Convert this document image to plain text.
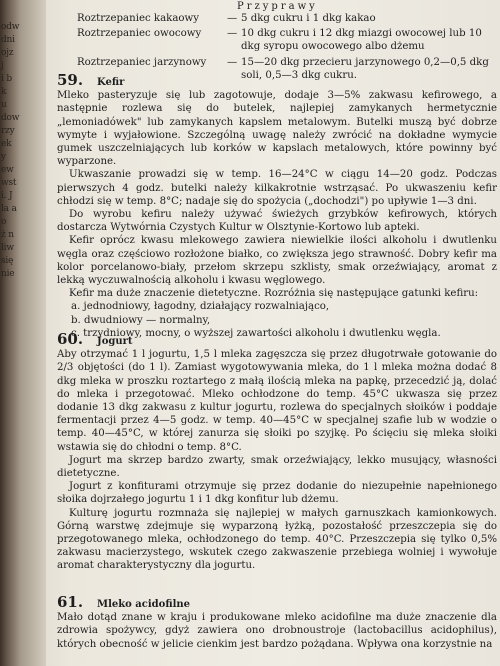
odw
dni
ojz
j
i b
k
u
dow
rzy
ek
y
ew
wst
i. J
la a
o
ż n
liw
się
nie
Przyprawy
Roztrzepaniec kakaowy	— 5 dkg cukru i 1 dkg kakao
Roztrzepaniec owocowy	— 10 dkg cukru i 12 dkg miazgi owocowej lub 10 dkg syropu owocowego albo dżemu
Roztrzepaniec jarzynowy	— 15—20 dkg przecieru jarzynowego 0,2—0,5 dkg soli, 0,5—3 dkg cukru.
59.	Kefir

Mleko pasteryzuje się lub zagotowuje, dodaje 3—5% zakwasu kefirowego, a następnie rozlewa się do butelek, najlepiej zamykanych hermetycznie „lemoniadówek" lub zamykanych kapslem metalowym. Butelki muszą być dobrze wymyte i wyjałowione. Szczególną uwagę należy zwrócić na dokładne wymycie gumek uszczelniających lub korków w kapslach metalowych, które powinny być wyparzone.

Ukwaszanie prowadzi się w temp. 16—24°C w ciągu 14—20 godz. Podczas pierwszych 4 godz. butelki należy kilkakrotnie wstrząsać. Po ukwaszeniu kefir chłodzi się w temp. 8°C; nadaje się do spożycia („dochodzi") po upływie 1—3 dni.

Do wyrobu kefiru należy używać świeżych grzybków kefirowych, których dostarcza Wytwórnia Czystych Kultur w Olsztynie-Kortowo lub apteki.

Kefir oprócz kwasu mlekowego zawiera niewielkie ilości alkoholu i dwutlenku węgla oraz częściowo rozłożone białko, co zwiększa jego strawność. Dobry kefir ma kolor porcelanowo-biały, przełom skrzepu szklisty, smak orzeźwiający, aromat z lekką wyczuwalnością alkoholu i kwasu węglowego.

Kefir ma duże znaczenie dietetyczne. Rozróżnia się następujące gatunki kefiru:

a. jednodniowy, łagodny, działający rozwalniająco,

b. dwudniowy — normalny,

c. trzydniowy, mocny, o wyższej zawartości alkoholu i dwutlenku węgla.

60.	Jogurt

Aby otrzymać 1 l jogurtu, 1,5 l mleka zagęszcza się przez długotrwałe gotowanie do 2/3 objętości (do 1 l). Zamiast wygotowywania mleka, do 1 l mleka można dodać 8 dkg mleka w proszku roztartego z małą ilością mleka na papkę, przecedzić ją, dolać do mleka i przegotować. Mleko ochłodzone do temp. 45°C ukwasza się przez dodanie 13 dkg zakwasu z kultur jogurtu, rozlewa do specjalnych słoików i poddaje fermentacji przez 4—5 godz. w temp. 40—45°C w specjalnej szafie lub w wodzie o temp. 40—45°C, w której zanurza się słoiki po szyjkę. Po ścięciu się mleka słoiki wstawia się do chłodni o temp. 8°C.

Jogurt ma skrzep bardzo zwarty, smak orzeźwiający, lekko musujący, własności dietetyczne.

Jogurt z konfiturami otrzymuje się przez dodanie do niezupełnie napełnionego słoika dojrzałego jogurtu 1 i 1 dkg konfitur lub dżemu.

Kulturę jogurtu rozmnaża się najlepiej w małych garnuszkach kamionkowych. Górną warstwę zdejmuje się wyparzoną łyżką, pozostałość przeszczepia się do przegotowanego mleka, ochłodzonego do temp. 40°C. Przeszczepia się tylko 0,5% zakwasu macierzystego, wskutek czego zakwaszenie przebiega wolniej i wywołuje aromat charakterystyczny dla jogurtu.

61.	Mleko acidofilne

Mało dotąd znane w kraju i produkowane mleko acidofilne ma duże znaczenie dla zdrowia spożywcy, gdyż zawiera ono drobnoustroje (lactobacillus acidophilus), których obecność w jelicie cienkim jest bardzo pożądana. Wpływa ona korzystnie na
